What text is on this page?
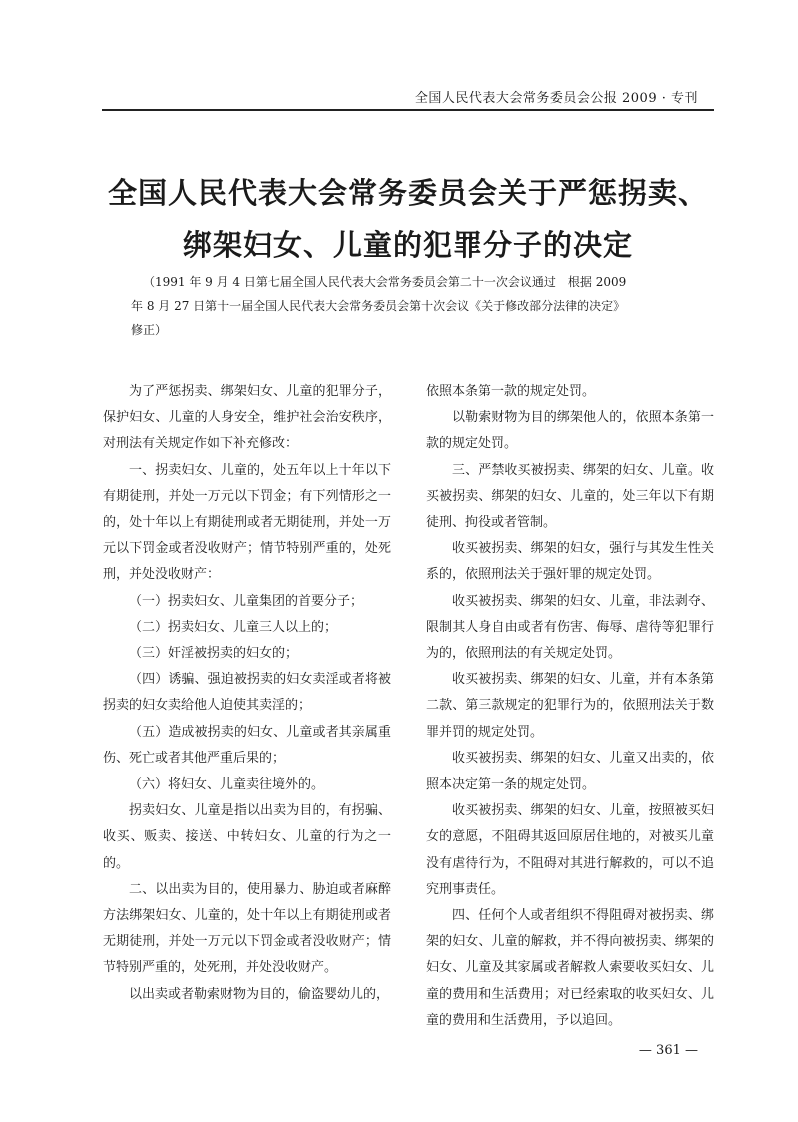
全国人民代表大会常务委员会公报 2009 · 专刊
全国人民代表大会常务委员会关于严惩拐卖、
绑架妇女、儿童的犯罪分子的决定
（1991 年 9 月 4 日第七届全国人民代表大会常务委员会第二十一次会议通过　根据 2009
年 8 月 27 日第十一届全国人民代表大会常务委员会第十次会议《关于修改部分法律的决定》
修正）

为了严惩拐卖、绑架妇女、儿童的犯罪分子，保护妇女、儿童的人身安全，维护社会治安秩序，对刑法有关规定作如下补充修改：

一、拐卖妇女、儿童的，处五年以上十年以下有期徒刑，并处一万元以下罚金；有下列情形之一的，处十年以上有期徒刑或者无期徒刑，并处一万元以下罚金或者没收财产；情节特别严重的，处死刑，并处没收财产：

（一）拐卖妇女、儿童集团的首要分子；

（二）拐卖妇女、儿童三人以上的；

（三）奸淫被拐卖的妇女的；

（四）诱骗、强迫被拐卖的妇女卖淫或者将被拐卖的妇女卖给他人迫使其卖淫的；

（五）造成被拐卖的妇女、儿童或者其亲属重伤、死亡或者其他严重后果的；

（六）将妇女、儿童卖往境外的。

拐卖妇女、儿童是指以出卖为目的，有拐骗、收买、贩卖、接送、中转妇女、儿童的行为之一的。

二、以出卖为目的，使用暴力、胁迫或者麻醉方法绑架妇女、儿童的，处十年以上有期徒刑或者无期徒刑，并处一万元以下罚金或者没收财产；情节特别严重的，处死刑，并处没收财产。

以出卖或者勒索财物为目的，偷盗婴幼儿的，

依照本条第一款的规定处罚。

以勒索财物为目的绑架他人的，依照本条第一款的规定处罚。

三、严禁收买被拐卖、绑架的妇女、儿童。收买被拐卖、绑架的妇女、儿童的，处三年以下有期徒刑、拘役或者管制。

收买被拐卖、绑架的妇女，强行与其发生性关系的，依照刑法关于强奸罪的规定处罚。

收买被拐卖、绑架的妇女、儿童，非法剥夺、限制其人身自由或者有伤害、侮辱、虐待等犯罪行为的，依照刑法的有关规定处罚。

收买被拐卖、绑架的妇女、儿童，并有本条第二款、第三款规定的犯罪行为的，依照刑法关于数罪并罚的规定处罚。

收买被拐卖、绑架的妇女、儿童又出卖的，依照本决定第一条的规定处罚。

收买被拐卖、绑架的妇女、儿童，按照被买妇女的意愿，不阻碍其返回原居住地的，对被买儿童没有虐待行为，不阻碍对其进行解救的，可以不追究刑事责任。

四、任何个人或者组织不得阻碍对被拐卖、绑架的妇女、儿童的解救，并不得向被拐卖、绑架的妇女、儿童及其家属或者解救人索要收买妇女、儿童的费用和生活费用；对已经索取的收买妇女、儿童的费用和生活费用，予以追回。

— 361 —
